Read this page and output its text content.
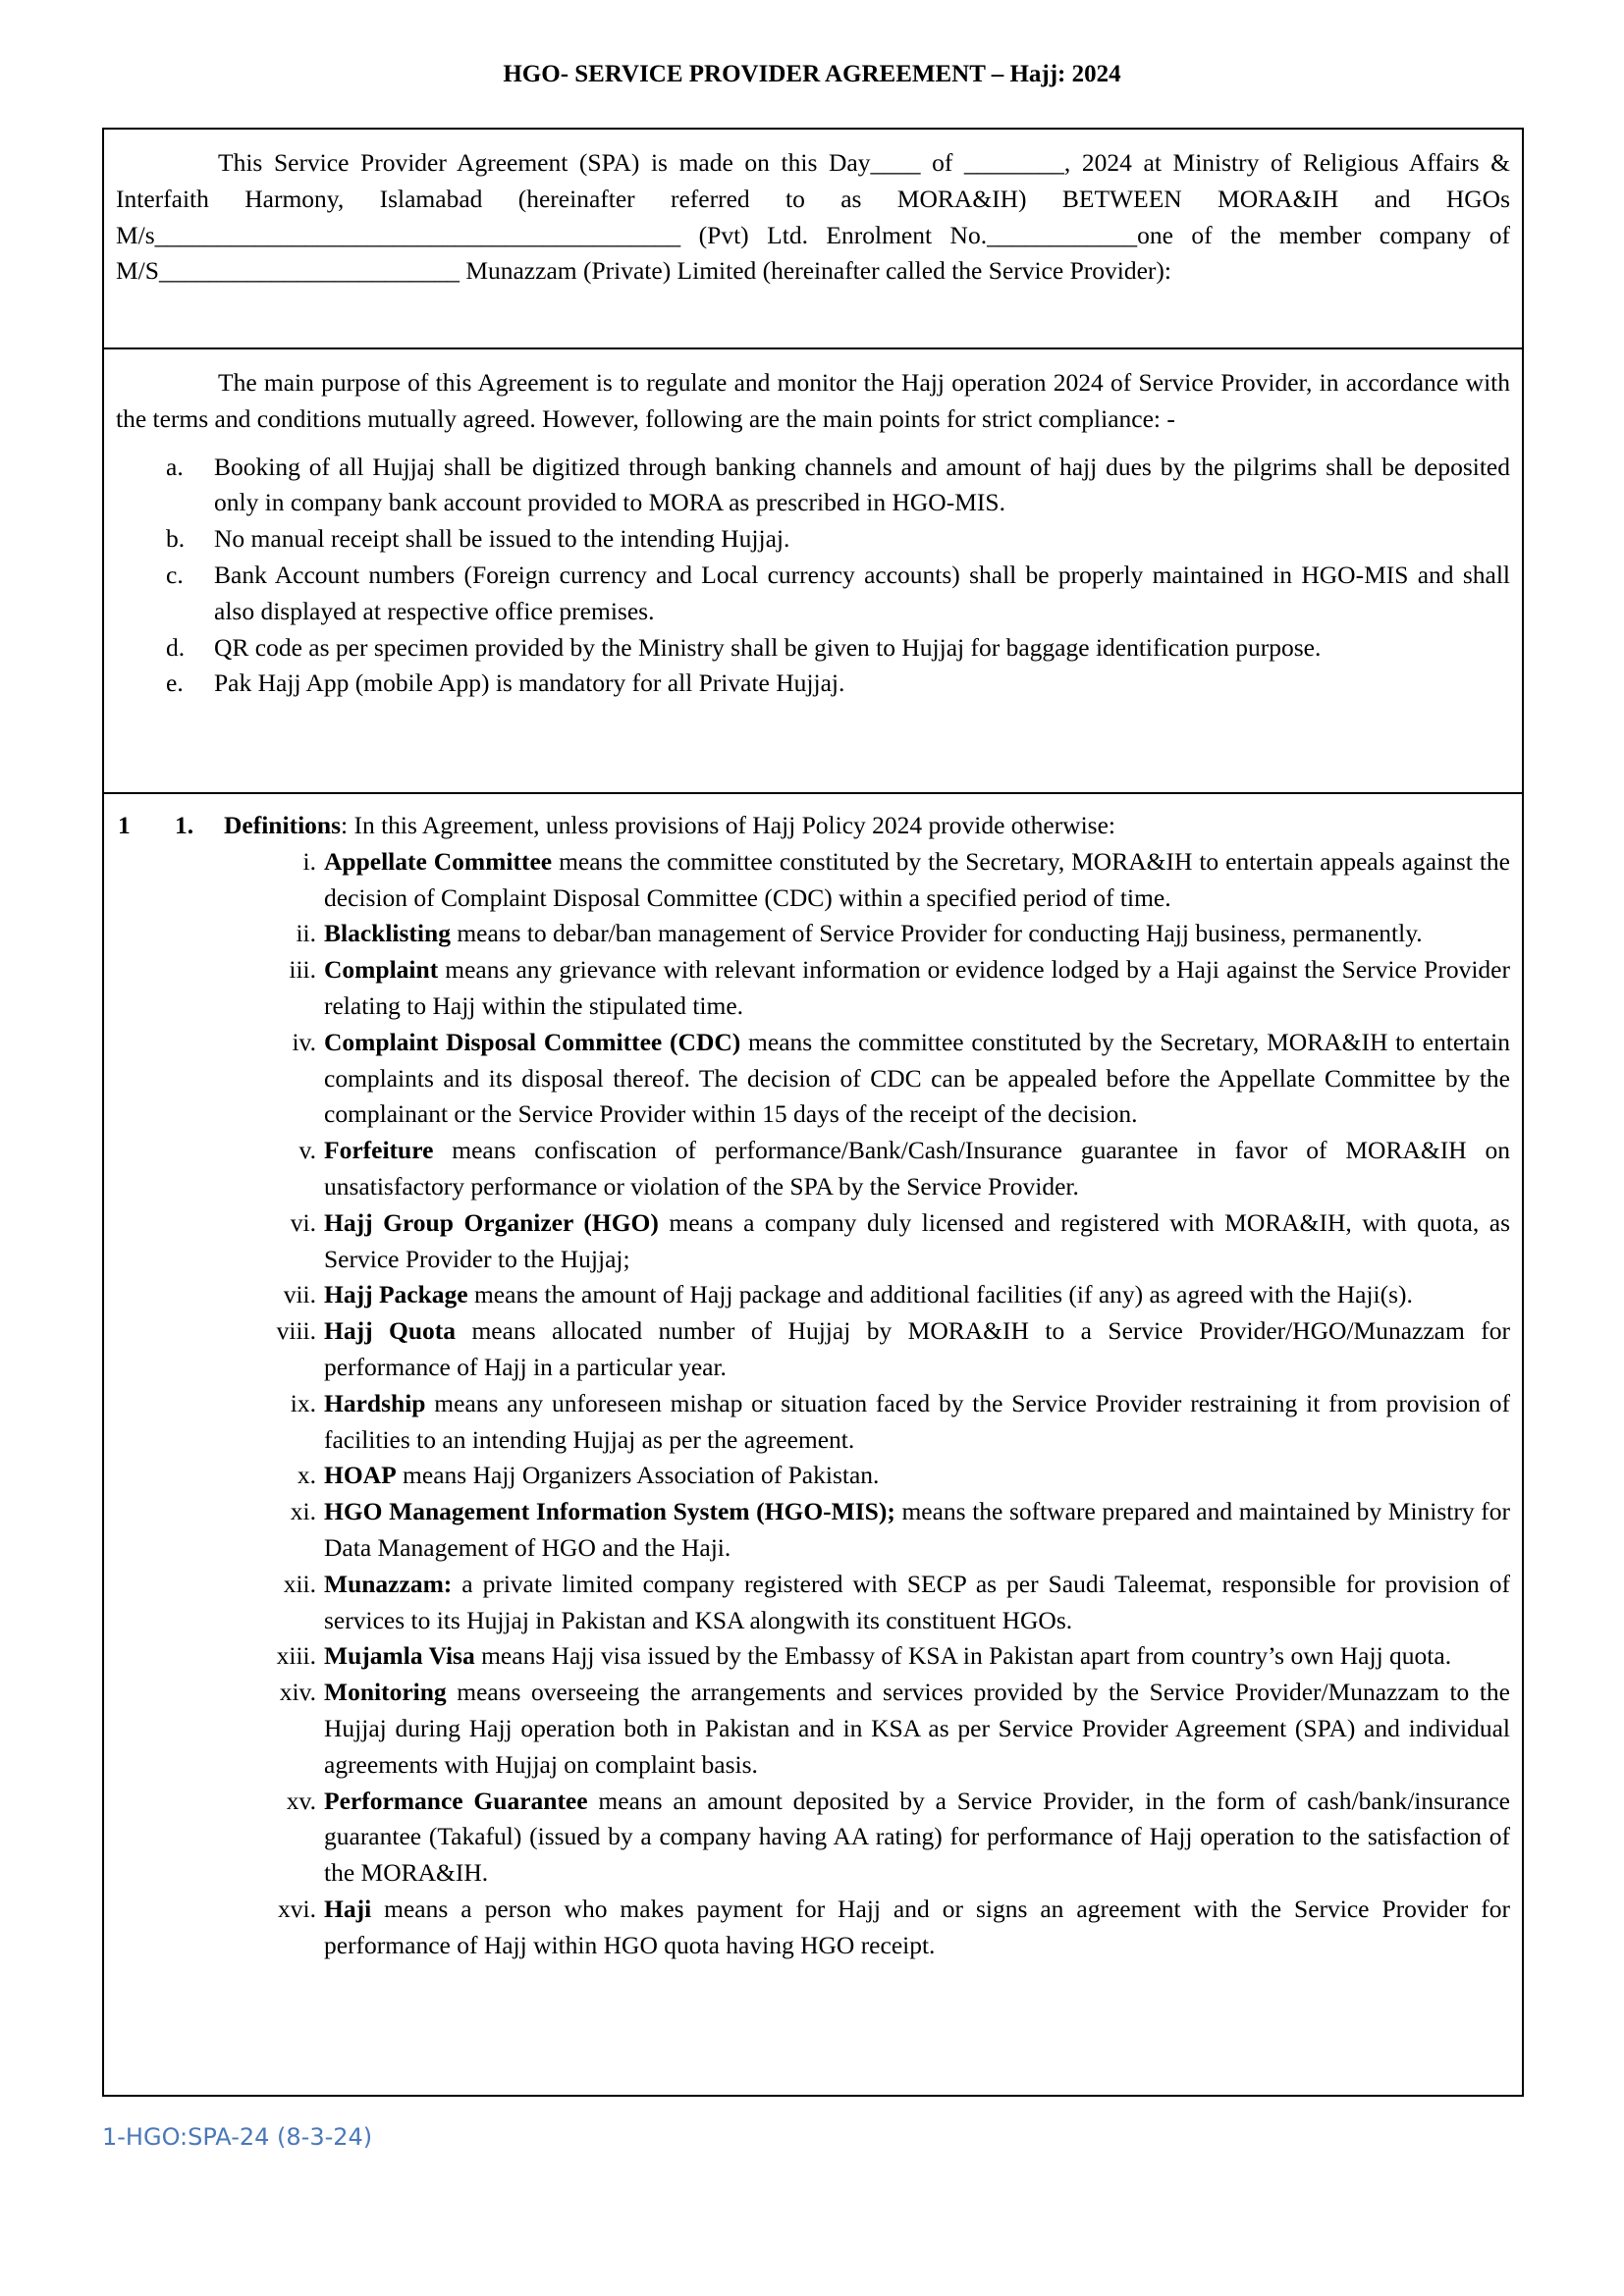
HGO- SERVICE PROVIDER AGREEMENT – Hajj: 2024

This Service Provider Agreement (SPA) is made on this Day____ of ________, 2024 at Ministry of Religious Affairs & Interfaith Harmony, Islamabad (hereinafter referred to as MORA&IH) BETWEEN MORA&IH and HGOs M/s__________________________________________ (Pvt) Ltd. Enrolment No.____________one of the member company of M/S________________________ Munazzam (Private) Limited (hereinafter called the Service Provider):

The main purpose of this Agreement is to regulate and monitor the Hajj operation 2024 of Service Provider, in accordance with the terms and conditions mutually agreed. However, following are the main points for strict compliance: -

a.	Booking of all Hujjaj shall be digitized through banking channels and amount of hajj dues by the pilgrims shall be deposited only in company bank account provided to MORA as prescribed in HGO-MIS.
b.	No manual receipt shall be issued to the intending Hujjaj.
c.	Bank Account numbers (Foreign currency and Local currency accounts) shall be properly maintained in HGO-MIS and shall also displayed at respective office premises.
d.	QR code as per specimen provided by the Ministry shall be given to Hujjaj for baggage identification purpose.
e.	Pak Hajj App (mobile App) is mandatory for all Private Hujjaj.
1	1. Definitions: In this Agreement, unless provisions of Hajj Policy 2024 provide otherwise:

i. Appellate Committee means the committee constituted by the Secretary, MORA&IH to entertain appeals against the decision of Complaint Disposal Committee (CDC) within a specified period of time.
ii. Blacklisting means to debar/ban management of Service Provider for conducting Hajj business, permanently.
iii. Complaint means any grievance with relevant information or evidence lodged by a Haji against the Service Provider relating to Hajj within the stipulated time.
iv. Complaint Disposal Committee (CDC) means the committee constituted by the Secretary, MORA&IH to entertain complaints and its disposal thereof. The decision of CDC can be appealed before the Appellate Committee by the complainant or the Service Provider within 15 days of the receipt of the decision.
v. Forfeiture means confiscation of performance/Bank/Cash/Insurance guarantee in favor of MORA&IH on unsatisfactory performance or violation of the SPA by the Service Provider.
vi. Hajj Group Organizer (HGO) means a company duly licensed and registered with MORA&IH, with quota, as Service Provider to the Hujjaj;
vii. Hajj Package means the amount of Hajj package and additional facilities (if any) as agreed with the Haji(s).
viii. Hajj Quota means allocated number of Hujjaj by MORA&IH to a Service Provider/HGO/Munazzam for performance of Hajj in a particular year.
ix. Hardship means any unforeseen mishap or situation faced by the Service Provider restraining it from provision of facilities to an intending Hujjaj as per the agreement.
x. HOAP means Hajj Organizers Association of Pakistan.
xi. HGO Management Information System (HGO-MIS); means the software prepared and maintained by Ministry for Data Management of HGO and the Haji.
xii. Munazzam: a private limited company registered with SECP as per Saudi Taleemat, responsible for provision of services to its Hujjaj in Pakistan and KSA alongwith its constituent HGOs.
xiii. Mujamla Visa means Hajj visa issued by the Embassy of KSA in Pakistan apart from country’s own Hajj quota.
xiv. Monitoring means overseeing the arrangements and services provided by the Service Provider/Munazzam to the Hujjaj during Hajj operation both in Pakistan and in KSA as per Service Provider Agreement (SPA) and individual agreements with Hujjaj on complaint basis.
xv. Performance Guarantee means an amount deposited by a Service Provider, in the form of cash/bank/insurance guarantee (Takaful) (issued by a company having AA rating) for performance of Hajj operation to the satisfaction of the MORA&IH.
xvi. Haji means a person who makes payment for Hajj and or signs an agreement with the Service Provider for performance of Hajj within HGO quota having HGO receipt.
1-HGO:SPA-24 (8-3-24)
